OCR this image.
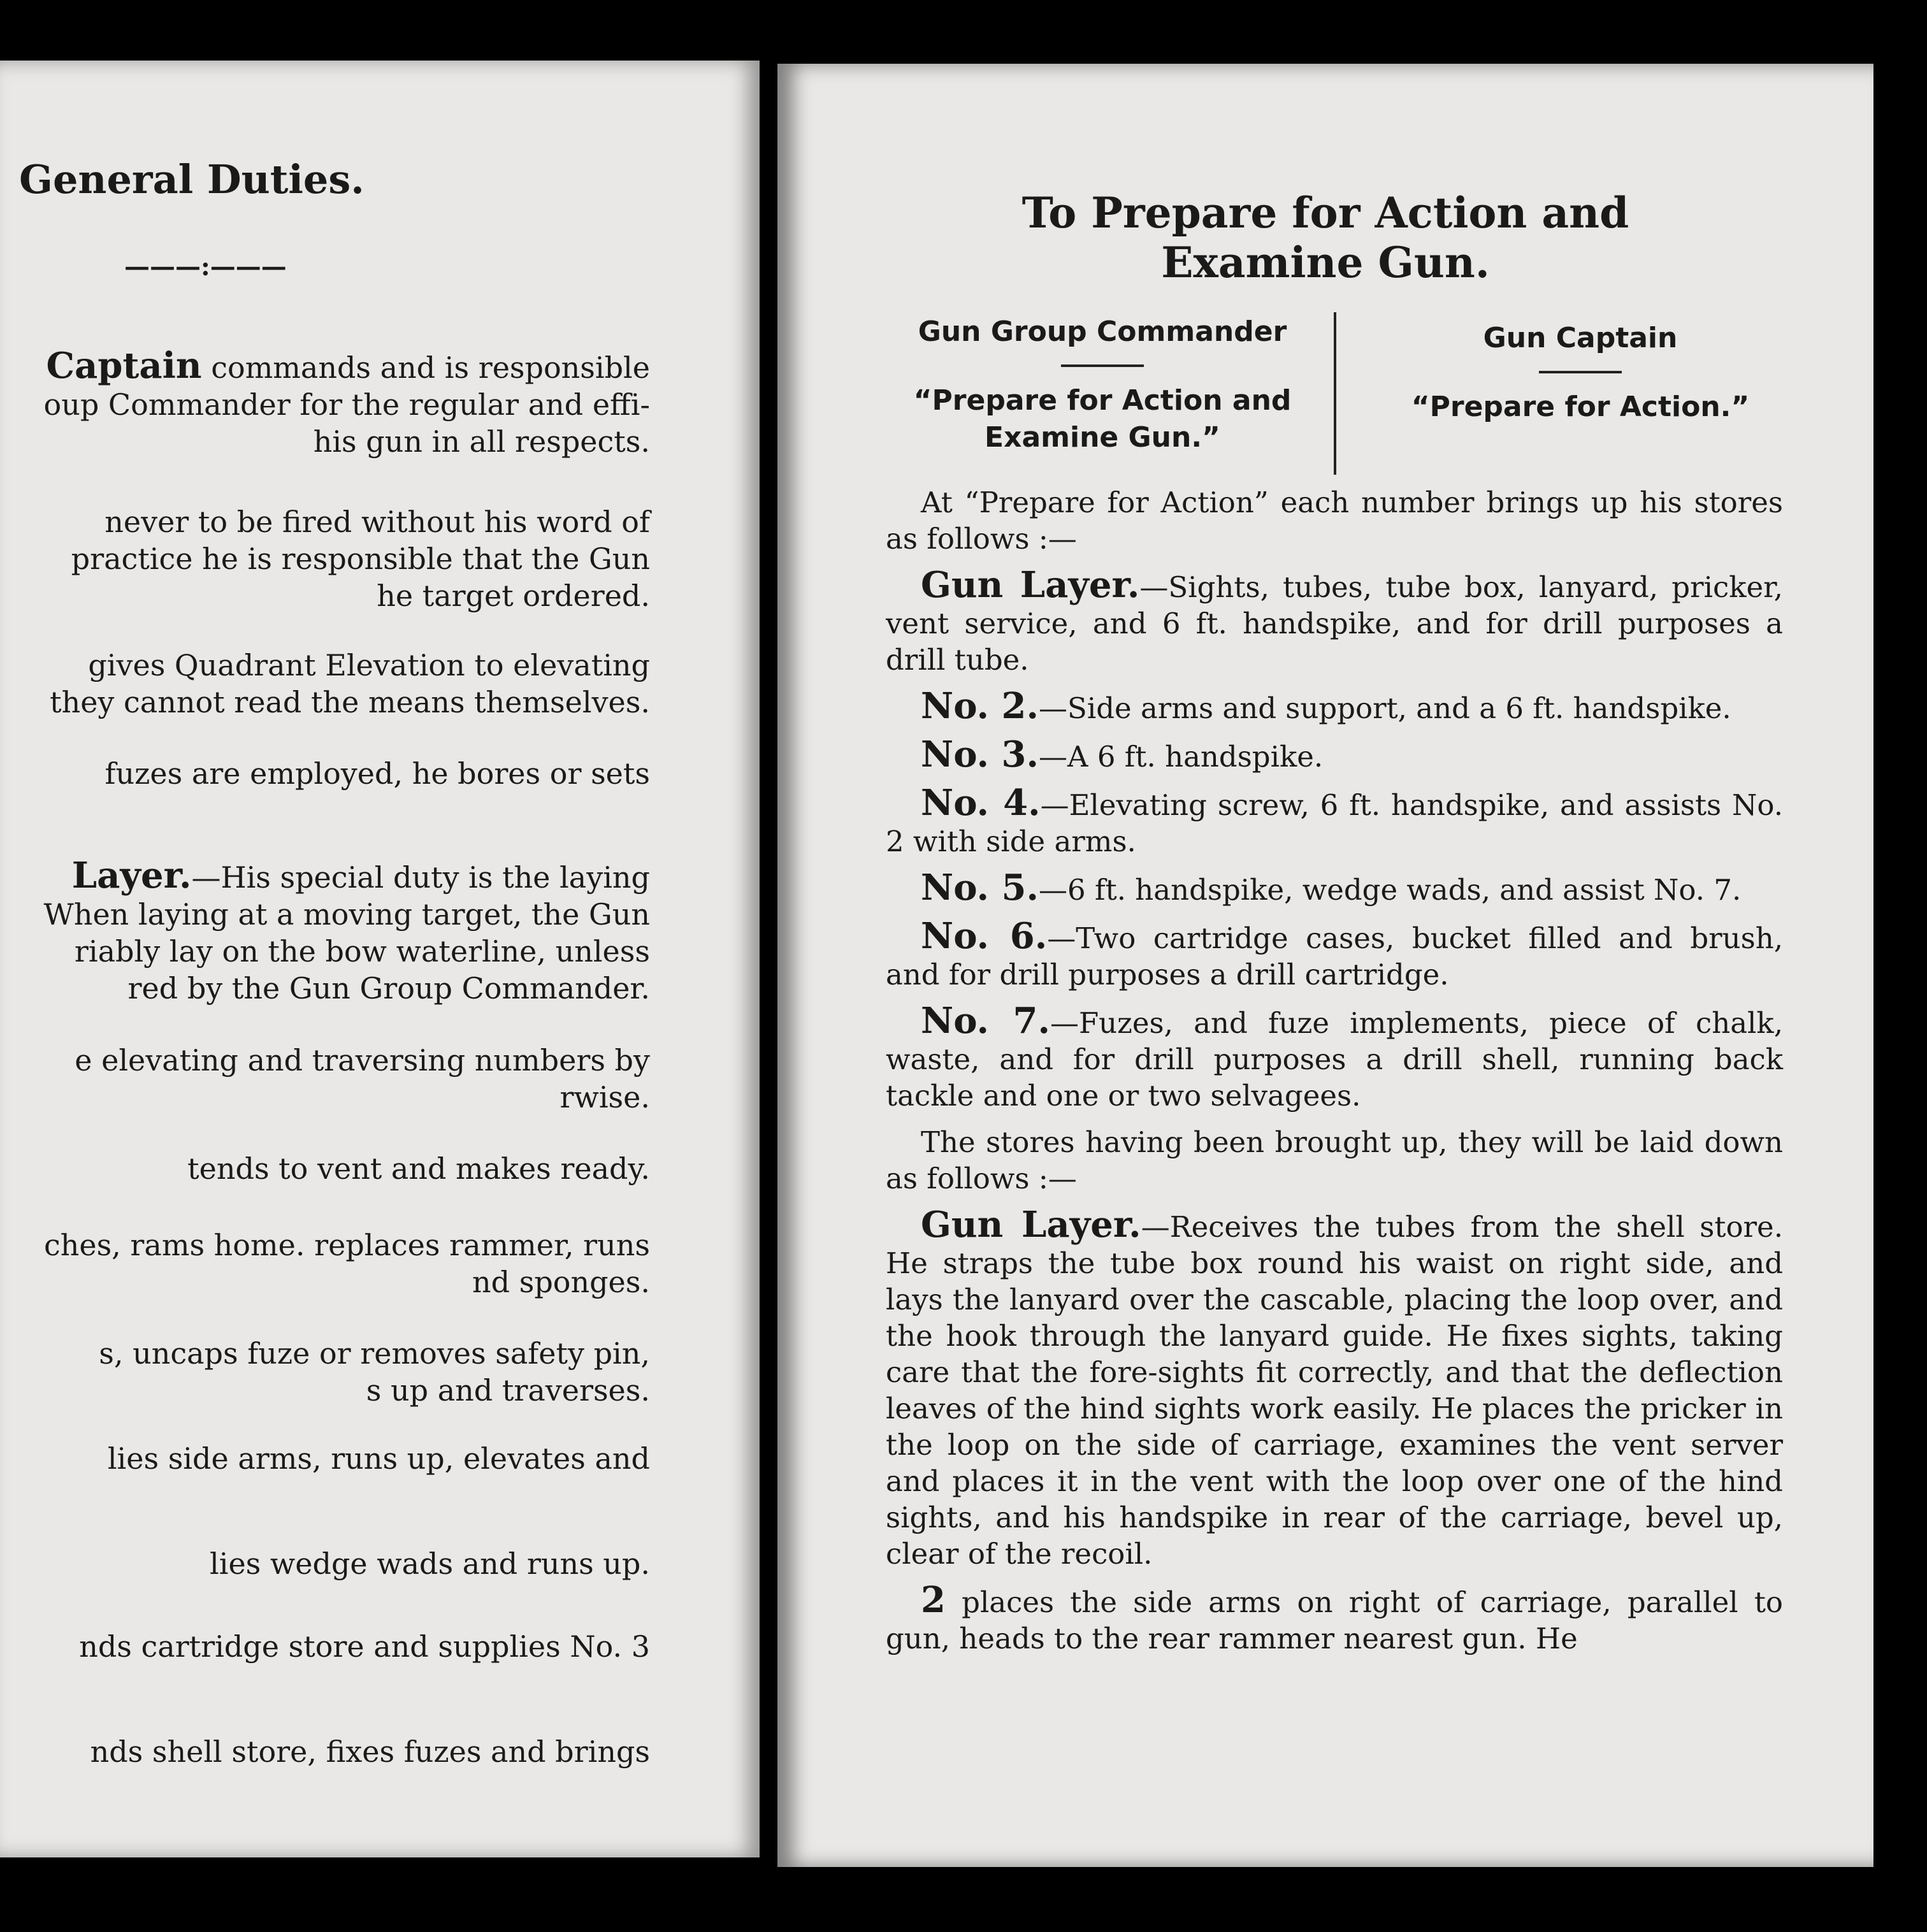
General Duties.
———:———
Captain commands and is responsible
oup Commander for the regular and effi-
his gun in all respects.
never to be fired without his word of
practice he is responsible that the Gun
he target ordered.
gives Quadrant Elevation to elevating
they cannot read the means themselves.
fuzes are employed, he bores or sets
Layer.—His special duty is the laying
When laying at a moving target, the Gun
riably lay on the bow waterline, unless
red by the Gun Group Commander.
e elevating and traversing numbers by
rwise.
tends to vent and makes ready.
ches, rams home. replaces rammer, runs
nd sponges.
s, uncaps fuze or removes safety pin,
s up and traverses.
lies side arms, runs up, elevates and
lies wedge wads and runs up.
nds cartridge store and supplies No. 3
nds shell store, fixes fuzes and brings
To Prepare for Action and
Examine Gun.
Gun Group Commander
“Prepare for Action and
Examine Gun.”
Gun Captain
“Prepare for Action.”

At “Prepare for Action” each number brings up his stores as follows :—

Gun Layer.—Sights, tubes, tube box, lanyard, pricker, vent service, and 6 ft. handspike, and for drill purposes a drill tube.

No. 2.—Side arms and support, and a 6 ft. handspike.

No. 3.—A 6 ft. handspike.

No. 4.—Elevating screw, 6 ft. handspike, and assists No. 2 with side arms.

No. 5.—6 ft. handspike, wedge wads, and assist No. 7.

No. 6.—Two cartridge cases, bucket filled and brush, and for drill purposes a drill cartridge.

No. 7.—Fuzes, and fuze implements, piece of chalk, waste, and for drill purposes a drill shell, running back tackle and one or two selvagees.

The stores having been brought up, they will be laid down as follows :—

Gun Layer.—Receives the tubes from the shell store. He straps the tube box round his waist on right side, and lays the lanyard over the cascable, placing the loop over, and the hook through the lanyard guide. He fixes sights, taking care that the fore-sights fit correctly, and that the deflection leaves of the hind sights work easily. He places the pricker in the loop on the side of carriage, examines the vent server and places it in the vent with the loop over one of the hind sights, and his handspike in rear of the carriage, bevel up, clear of the recoil.

2 places the side arms on right of carriage, parallel to gun, heads to the rear rammer nearest gun. He
